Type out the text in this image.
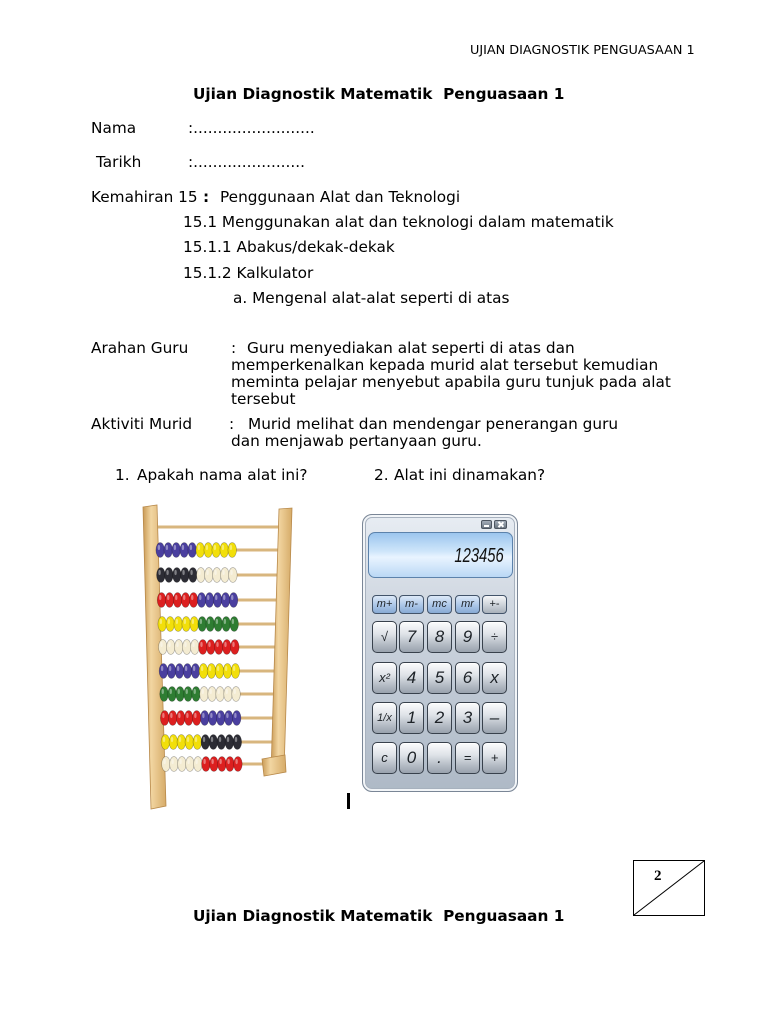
UJIAN DIAGNOSTIK PENGUASAAN 1
Ujian Diagnostik Matematik  Penguasaan 1
Nama	:.........................
Tarikh	:.......................
Kemahiran 15 : Penggunaan Alat dan Teknologi
15.1 Menggunakan alat dan teknologi dalam matematik
15.1.1 Abakus/dekak-dekak
15.1.2 Kalkulator
a. Mengenal alat-alat seperti di atas
Arahan Guru	: Guru menyediakan alat seperti di atas dan
memperkenalkan kepada murid alat tersebut kemudian
meminta pelajar menyebut apabila guru tunjuk pada alat
tersebut
Aktiviti Murid : Murid melihat dan mendengar penerangan guru
dan menjawab pertanyaan guru.
1. Apakah nama alat ini?	2. Alat ini dinamakan?
123456
m+	m-	mc	mr	+-
√	7	8	9	÷
x² 4	5	6	x
1/x 1	2	3	–
c	0	.	=	+
2
Ujian Diagnostik Matematik  Penguasaan 1
